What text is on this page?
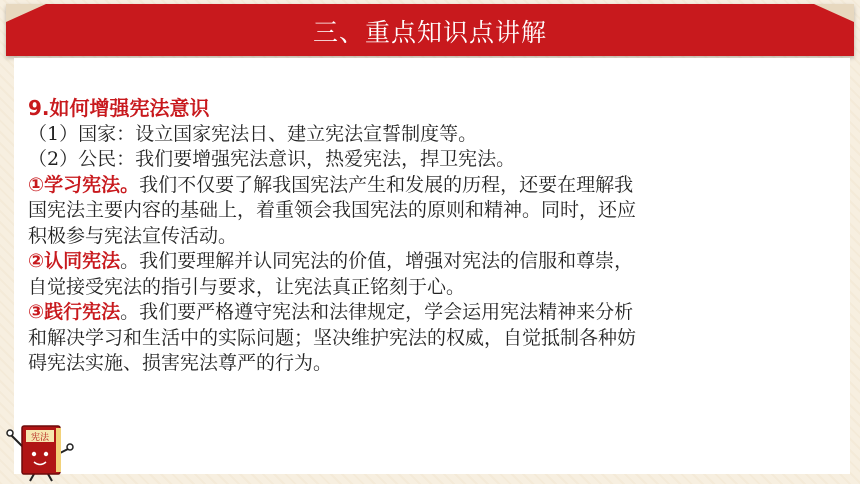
三、重点知识点讲解
9.如何增强宪法意识
（1）国家：设立国家宪法日、建立宪法宣誓制度等。
（2）公民：我们要增强宪法意识，热爱宪法，捍卫宪法。
①学习宪法。我们不仅要了解我国宪法产生和发展的历程，还要在理解我
国宪法主要内容的基础上，着重领会我国宪法的原则和精神。同时，还应
积极参与宪法宣传活动。
②认同宪法。我们要理解并认同宪法的价值，增强对宪法的信服和尊崇，
自觉接受宪法的指引与要求，让宪法真正铭刻于心。
③践行宪法。我们要严格遵守宪法和法律规定，学会运用宪法精神来分析
和解决学习和生活中的实际问题；坚决维护宪法的权威，自觉抵制各种妨
碍宪法实施、损害宪法尊严的行为。
宪法
